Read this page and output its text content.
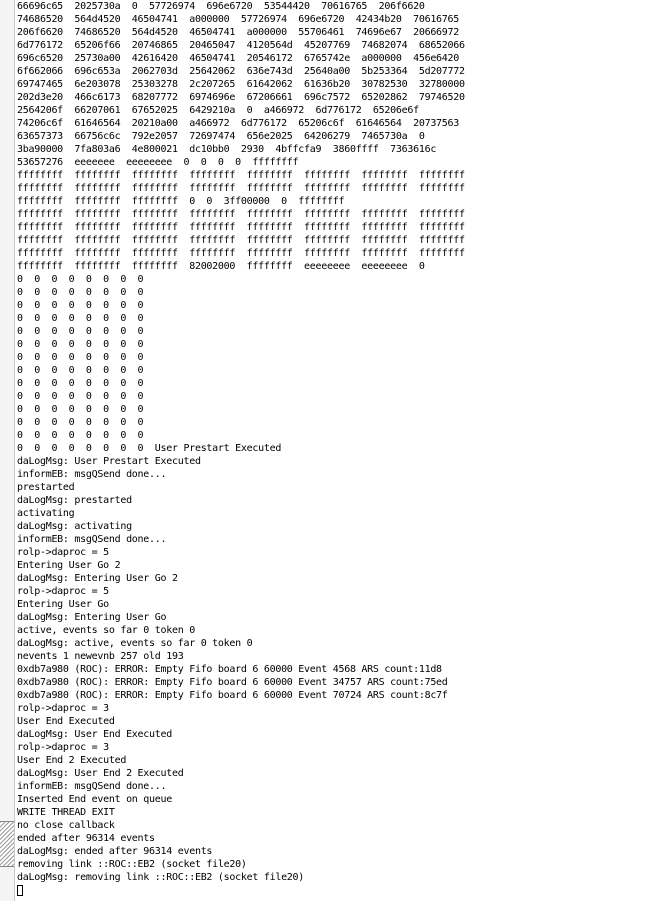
66696c65  2025730a  0  57726974  696e6720  53544420  70616765  206f6620
74686520  564d4520  46504741  a000000  57726974  696e6720  42434b20  70616765
206f6620  74686520  564d4520  46504741  a000000  55706461  74696e67  20666972
6d776172  65206f66  20746865  20465047  4120564d  45207769  74682074  68652066
696c6520  25730a00  42616420  46504741  20546172  6765742e  a000000  456e6420
6f662066  696c653a  2062703d  25642062  636e743d  25640a00  5b253364  5d207772
69747465  6e203078  25303278  2c207265  61642062  61636b20  30782530  32780000
202d3e20  466c6173  68207772  6974696e  67206661  696c7572  65202862  79746520
2564206f  66207061  67652025  6429210a  0  a466972  6d776172  65206e6f
74206c6f  61646564  20210a00  a466972  6d776172  65206c6f  61646564  20737563
63657373  66756c6c  792e2057  72697474  656e2025  64206279  7465730a  0
3ba90000  7fa803a6  4e800021  dc10bb0  2930  4bffcfa9  3860ffff  7363616c
53657276  eeeeeee  eeeeeeee  0  0  0  0  ffffffff
ffffffff  ffffffff  ffffffff  ffffffff  ffffffff  ffffffff  ffffffff  ffffffff
ffffffff  ffffffff  ffffffff  ffffffff  ffffffff  ffffffff  ffffffff  ffffffff
ffffffff  ffffffff  ffffffff  0  0  3ff00000  0  ffffffff
ffffffff  ffffffff  ffffffff  ffffffff  ffffffff  ffffffff  ffffffff  ffffffff
ffffffff  ffffffff  ffffffff  ffffffff  ffffffff  ffffffff  ffffffff  ffffffff
ffffffff  ffffffff  ffffffff  ffffffff  ffffffff  ffffffff  ffffffff  ffffffff
ffffffff  ffffffff  ffffffff  ffffffff  ffffffff  ffffffff  ffffffff  ffffffff
ffffffff  ffffffff  ffffffff  82002000  ffffffff  eeeeeeee  eeeeeeee  0
0  0  0  0  0  0  0  0
0  0  0  0  0  0  0  0
0  0  0  0  0  0  0  0
0  0  0  0  0  0  0  0
0  0  0  0  0  0  0  0
0  0  0  0  0  0  0  0
0  0  0  0  0  0  0  0
0  0  0  0  0  0  0  0
0  0  0  0  0  0  0  0
0  0  0  0  0  0  0  0
0  0  0  0  0  0  0  0
0  0  0  0  0  0  0  0
0  0  0  0  0  0  0  0
0  0  0  0  0  0  0  0  User Prestart Executed
daLogMsg: User Prestart Executed
informEB: msgQSend done...
prestarted
daLogMsg: prestarted
activating
daLogMsg: activating
informEB: msgQSend done...
rolp->daproc = 5
Entering User Go 2
daLogMsg: Entering User Go 2
rolp->daproc = 5
Entering User Go
daLogMsg: Entering User Go
active, events so far 0 token 0
daLogMsg: active, events so far 0 token 0
nevents 1 newevnb 257 old 193
0xdb7a980 (ROC): ERROR: Empty Fifo board 6 60000 Event 4568 ARS count:11d8
0xdb7a980 (ROC): ERROR: Empty Fifo board 6 60000 Event 34757 ARS count:75ed
0xdb7a980 (ROC): ERROR: Empty Fifo board 6 60000 Event 70724 ARS count:8c7f
rolp->daproc = 3
User End Executed
daLogMsg: User End Executed
rolp->daproc = 3
User End 2 Executed
daLogMsg: User End 2 Executed
informEB: msgQSend done...
Inserted End event on queue
WRITE THREAD EXIT
no close callback
ended after 96314 events
daLogMsg: ended after 96314 events
removing link ::ROC::EB2 (socket file20)
daLogMsg: removing link ::ROC::EB2 (socket file20)
